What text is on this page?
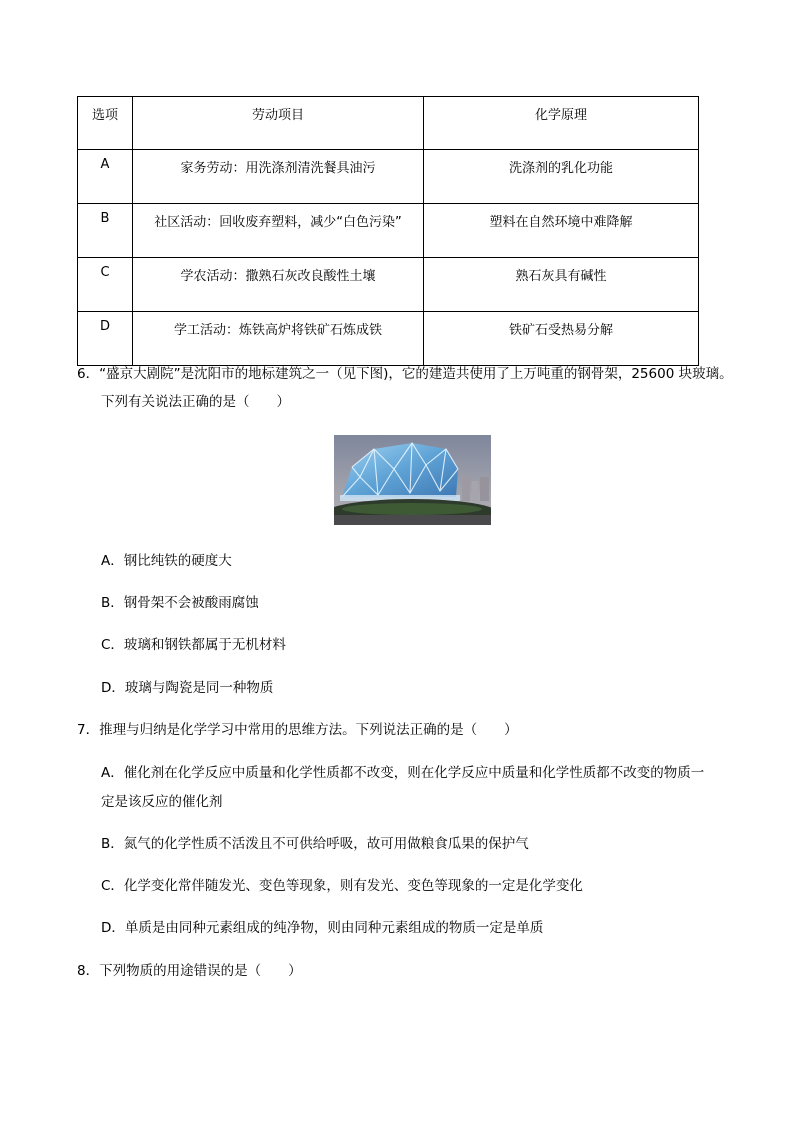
选项	劳动项目	化学原理
A	家务劳动：用洗涤剂清洗餐具油污	洗涤剂的乳化功能
B	社区活动：回收废弃塑料，减少“白色污染”	塑料在自然环境中难降解
C	学农活动：撒熟石灰改良酸性土壤	熟石灰具有碱性
D	学工活动：炼铁高炉将铁矿石炼成铁	铁矿石受热易分解
6．“盛京大剧院”是沈阳市的地标建筑之一（见下图)，它的建造共使用了上万吨重的钢骨架，25600 块玻璃。
下列有关说法正确的是（　　）
A．钢比纯铁的硬度大
B．钢骨架不会被酸雨腐蚀
C．玻璃和钢铁都属于无机材料
D．玻璃与陶瓷是同一种物质
7．推理与归纳是化学学习中常用的思维方法。下列说法正确的是（　　）
A．催化剂在化学反应中质量和化学性质都不改变，则在化学反应中质量和化学性质都不改变的物质一
定是该反应的催化剂
B．氮气的化学性质不活泼且不可供给呼吸，故可用做粮食瓜果的保护气
C．化学变化常伴随发光、变色等现象，则有发光、变色等现象的一定是化学变化
D．单质是由同种元素组成的纯净物，则由同种元素组成的物质一定是单质
8．下列物质的用途错误的是（　　）
